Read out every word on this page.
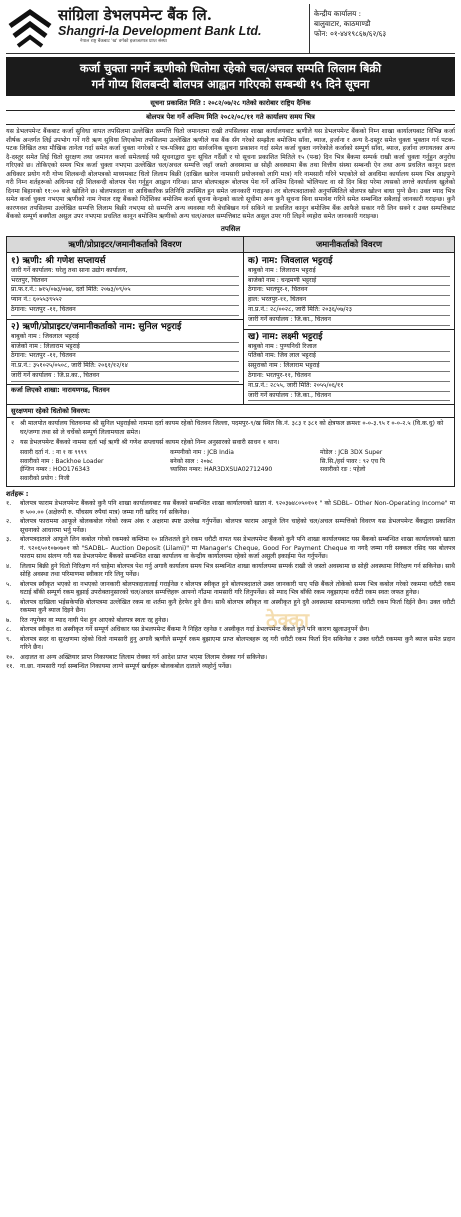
सांग्रिला डेभलपमेन्ट बैंक लि.
Shangri-la Development Bank Ltd.
नेपाल राष्ट्र बैंकबाट 'ख' वर्गको इजाजतपत्र प्राप्त संस्था
केन्द्रीय कार्यालय :
बालुवाटार, काठमाण्डौ
फोन: ०१-४४१९८६७/६२/६३
कर्जा चुक्ता नगर्ने ऋणीको धितोमा रहेको चल/अचल सम्पति लिलाम बिक्री
गर्न गोप्य शिलबन्दी बोलपत्र आह्वान गरिएको सम्बन्धी १५ दिने सूचना
सूचना प्रकाशित मिति : २०८२/०७/२८ गतेको कारोबार राष्ट्रिय दैनिक
बोलपत्र पेश गर्ने अन्तिम मिति २०८२/०८/११ गते कार्यालय समय भित्र
यस डेभलपमेन्ट बैंकबाट कर्जा सुविधा वापत तपसिलमा उल्लेखित सम्पत्ति धितो जमानतमा राखी तपसिलका शाखा कार्यालयबाट ऋणीले यस डेभलपमेन्ट बैंकको निम्न शाखा कार्यालयबाट विभिन्न कर्जा शीर्षक अन्तर्गत लिई उपभोग गर्ने गरी ऋण सुविधा लिएकोमा तपसिलमा उल्लेखित ऋणीले यस बैंक सँग गरेको सम्झौता बमोजिम साँवा, ब्याज, हर्जाना र अन्य दै-दस्तुर समेत चुक्ता भुक्तान गर्न पटक-पटक लिखित तथा मौखिक तानेता गर्दा समेत कर्जा चुक्ता नगरेको र पत्र-पत्रिका द्वारा सार्वजनिक सूचना प्रकाशन गर्दा समेत कर्जा चुक्ता नगरेकोले कर्जाको सम्पूर्ण साँवा, ब्याज, हर्जाना लगायतका अन्य दै-दस्तुर समेत लिई धितो सुरक्षण तथा जमानत कर्जा समेतलाई यसै सूचनाद्वारा पुनः सूचित गर्दैछौं र यो सूचना प्रकाशित मितिले १५ (पन्ध्र) दिन भित्र बैंकमा सम्पर्क राखी कर्जा चुक्ता गर्नुहुन अनुरोध गरिएको छ। तोकिएको समय भित्र कर्जा चुक्ता नभएमा उल्लेखित चल/अचल सम्पत्ति जहाँ जस्तो अवस्थामा छ सोही अवस्थामा बैंक तथा वित्तीय संस्था सम्बन्धी ऐन तथा अन्य प्रचलित कानून प्रदत्त अधिकार प्रयोग गरी गोप्य शिलबन्दी बोलपत्रको माध्यमबाट धितो लिलाम बिक्री (दाखिल खारेज नामसारी प्रयोजनको लागि मात्र) गरि नामसारी गरिने भएकोले सो अवधिमा कार्यालय समय भित्र आइपुग्ने गरी निम्न शर्तहरूको अधिनमा रही शिलबन्दी बोलपत्र पेश गर्नुहुन आह्वान गरिन्छ। प्राप्त बोलपत्रहरू बोलपत्र पेश गर्ने अन्तिम दिनको भोलिपल्ट वा सो दिन बिदा परेमा त्यसको लगत्ते कार्यालय खुलेको दिनमा बिहानको ११:०० बजे खोलिने छ। बोलपत्रदाता वा आधिकारिक प्रतिनिधि उपस्थित हुन समेत जानकारी गराइन्छ। तर बोलपत्रदाताको अनुपस्थितिले बोलपत्र खोल्न बाधा पुग्ने छैन। उक्त म्याद भित्र समेत कर्जा चुक्ता नभएमा ऋणीको नाम नेपाल राष्ट्र बैंकको निर्देशिका बमोजिम कर्जा सूचना केन्द्रको कालो सूचीमा अन्य कुनै सूचना बिना समावेश गरिने समेत सम्बन्धित सबैलाई जानकारी गराइन्छ। कुनै कारणवश तपसिलमा उल्लेखित सम्पत्ति लिलाम बिक्री नभएमा सो सम्पत्ति अन्य व्यवस्था गरी बेचबिखन गर्न सकिने वा प्रचलित कानून बमोजिम बैंक आफैले सकार गरी लिन सक्ने र उक्त सम्पत्तिबाट बैंकको सम्पूर्ण बक्यौता असुल उपर नभएमा प्रचलित कानून बमोजिम ऋणीको अन्य चल/अचल सम्पत्तिबाट समेत असुल उपर गरी लिइने व्यहोरा समेत जानकारी गराइन्छ।
तपसिल
ऋणी/प्रोप्राइटर/जमानीकर्ताको विवरण	जमानीकर्ताको विवरण
१) ऋणी: श्री गणेश सप्लायर्स
जारी गर्ने कार्यालय: घरेलु तथा साना उद्योग कार्यालय,
भरतपुर, चितवन
प्रा.फ.र.नं.: ७१५/०७३/०७४, दर्ता मिति: २०७३/०९/०५
प्यान नं.: ६०५५३९५५२
ठेगाना: भरतपुर -११, चितवन
२) ऋणी/प्रोप्राइटर/जमानीकर्ताको नाम: सुनिल भट्टराई
बाबुको नाम : जिवलाल भट्टराई
बाजेको नाम : लिलाराम भट्टराई
ठेगाना: भरतपुर -११, चितवन
ना.प्र.नं.: ३५१०२५/०५०८, जारी मिति: २०६१/१२/१४
जारी गर्ने कार्यालय : जि.प्र.का., चितवन
कर्जा लिएको शाखा: नारायणगढ, चितवन
क) नाम: जिवलाल भट्टराई
बाबुको नाम : लिलाराम भट्टराई
बाजेको नाम : चन्द्रमणी भट्टराई
ठेगाना: भरतपुर-१, चितवन
हाल: भरतपुर-११, चितवन
ना.प्र.नं.: २८/००२८, जारी मिति: २०३६/०७/२३
जारी गर्ने कार्यालय : जि.का., चितवन
ख) नाम: लक्ष्मी भट्टराई
बाबुको नाम : पुण्यनिधी रिजाल
पतिको नाम: जिव लाल भट्टराई
ससुराको नाम : लिलाराम भट्टराई
ठेगाना: भरतपुर-११, चितवन
ना.प्र.नं.: २८५५, जारी मिति: २०५५/०६/११
जारी गर्ने कार्यालय : जि.का., चितवन
सुरक्षणमा रहेको धितोको विवरण:
१ श्री मालपोत कार्यालय चितवनमा श्री सुनिल भट्टराईको नाममा दर्ता कायम रहेको चितवन जिल्ला, पदमपुर-९/ख स्थित कि.नं. ३८३ र ३८१ को क्षेत्रफल क्रमशः ०-०-३.९५ र ०-०-२.५ (वि.क.धु) को घर/जग्गा तथा सो ले चर्चेको सम्पूर्ण लिलामयाता समेत।
२ यस डेभलपमेन्ट बैंकको नाममा दर्ता भई ऋणी श्री गणेश सप्लायर्स कायम रहेको निम्न अनुसारको सवारी साधन १ थान।
सवारी दर्ता नं. : ना १ क ९९९९	कम्पनीको नाम : JCB India	मोडेल : JCB 3DX Super
सवारीको नाम : Backhoe Loader	बनेको साल : २०७८	सि.सि./हर्स पावर : ९२ एच पि
ईन्जिन नम्बर : HOO176343	च्यासिस नम्बर: HAR3DXSUA02712490	सवारीको रङ : पहेलो
सवारीको प्रयोग : निजी
शर्तहरू :
१.	बोलपत्र फाराम डेभलपमेन्ट बैंकको कुनै पनि शाखा कार्यालयबाट यस बैंकको सम्बन्धित शाखा कार्यालयको खाता नं. ९२०३७४८०५०१०१ " को SDBL– Other Non-Operating Income" मा रु ५००.०० (अक्षेरुपी रु. पाँचसय रुपैयां मात्र) जम्मा गरी खरिद गर्न सकिनेछ।
२.	बोलपत्र फाराममा आफूले बोलकबोल गरेको रकम अंक र अक्षरमा स्पष्ट उल्लेख गर्नुपर्नेछ। बोलपत्र फाराम आफूले लिन चाहेको चल/अचल सम्पत्तिको विवरण यस डेभलपमेन्ट बैंकद्वारा प्रकाशित सूचनाको आधारमा भर्नु पर्नेछ।
३.	बोलपत्रदाताले आफूले लिन कबोल गरेको रकमको कम्तिमा १० प्रतिशतले हुने रकम धरौटी वापत यस डेभलपमेन्ट बैंकको कुनै पनि शाखा कार्यालयबाट यस बैंकको सम्बन्धित शाखा कार्यालयको खाता नं. ९२०६५०१०७०७०१ को "SADBL– Auction Deposit (Lilami)" मा Manager's Cheque, Good For Payment Cheque वा नगदै जम्मा गरी सक्कल रसिद यस बोलपत्र फाराम साथ संलग्न गरी यस डेभलपमेन्ट बैंकको सम्बन्धित शाखा कार्यालय वा केन्द्रीय कार्यालयमा रहेको कर्जा असुली इकाईमा पेश गर्नुपर्नेछ।
४.	लिलाम बिक्री हुने धितो निरिक्षण गर्न चाहेमा बोलपत्र पेश गर्नु अगावै कार्यालय समय भित्र सम्बन्धित शाखा कार्यालयमा सम्पर्क राखी जे जस्तो अवस्थामा छ सोही अवस्थामा निरिक्षण गर्न सकिनेछ। साथै सोहि अवस्था तथा परिमाणमा स्वीकार गरि लिनु पर्नेछ।
५.	बोलपत्र स्वीकृत भएको वा नभएको जानकारी बोलपत्रदातालाई गराईनेछ र बोलपत्र स्वीकृत हुने बोलपत्रदाताले उक्त जानकारी पाए पछि बैंकले तोकेको समय भित्र कबोल गरेको रकममा धरौटी रकम घटाई बाँकी सम्पूर्ण रकम बुझाई उपरोक्तानुसारको चल/अचल सम्पत्तिहरू आफ्नो नाँउमा नामसारी गरि लिनुपर्नेछ। सो म्याद भित्र बाँकी रकम नबुझाएमा धरौटी रकम स्वतः जफत हुनेछ।
६.	बोलपत्र दाखिला भईसकेपछि बोलपत्रमा उल्लेखित रकम वा शर्तमा कुनै हेरफेर हुने छैन। साथै बोलपत्र स्वीकृत वा अस्वीकृत हुने दुवै अवस्थामा सामान्यतया धरौटी रकम फिर्ता दिईने छैन। उक्त धरौटी रकममा कुनै ब्याज दिइने छैन।
७.	रित नपुगेका वा म्याद नाघी पेश हुन आएको बोलपत्र स्वतः रद्द हुनेछ।
८.	बोलपत्र स्वीकृत वा अस्वीकृत गर्ने सम्पूर्ण अधिकार यस डेभलपमेन्ट बैंकमा नै निहित रहनेछ र अस्वीकृत गर्दा डेभलपमेन्ट बैंकले कुनै पनि कारण खुलाउनुपर्ने छैन।
९.	बोलपत्र सदर वा सुरक्षणमा रहेको धितो नामसारी हुनु अगावै ऋणीले सम्पूर्ण रकम बुझाएमा प्राप्त बोलपत्रहरू रद्द गरी धरौटी रकम फिर्ता दिन सकिनेछ र उक्त धरौटी रकममा कुनै ब्याज समेत प्रदान गरिने छैन।
१०. अदालत वा अन्य अख्तियार प्राप्त निकायबाट लिलाम रोक्का गर्न आदेश प्राप्त भएमा लिलाम रोक्का गर्न सकिनेछ।
११. ना.छा. नामसारी गर्दा सम्बन्धित निकायमा लाग्ने सम्पूर्ण खर्चहरू बोलकबोल दाताले व्यहोर्नु पर्नेछ।
ठेक्का
